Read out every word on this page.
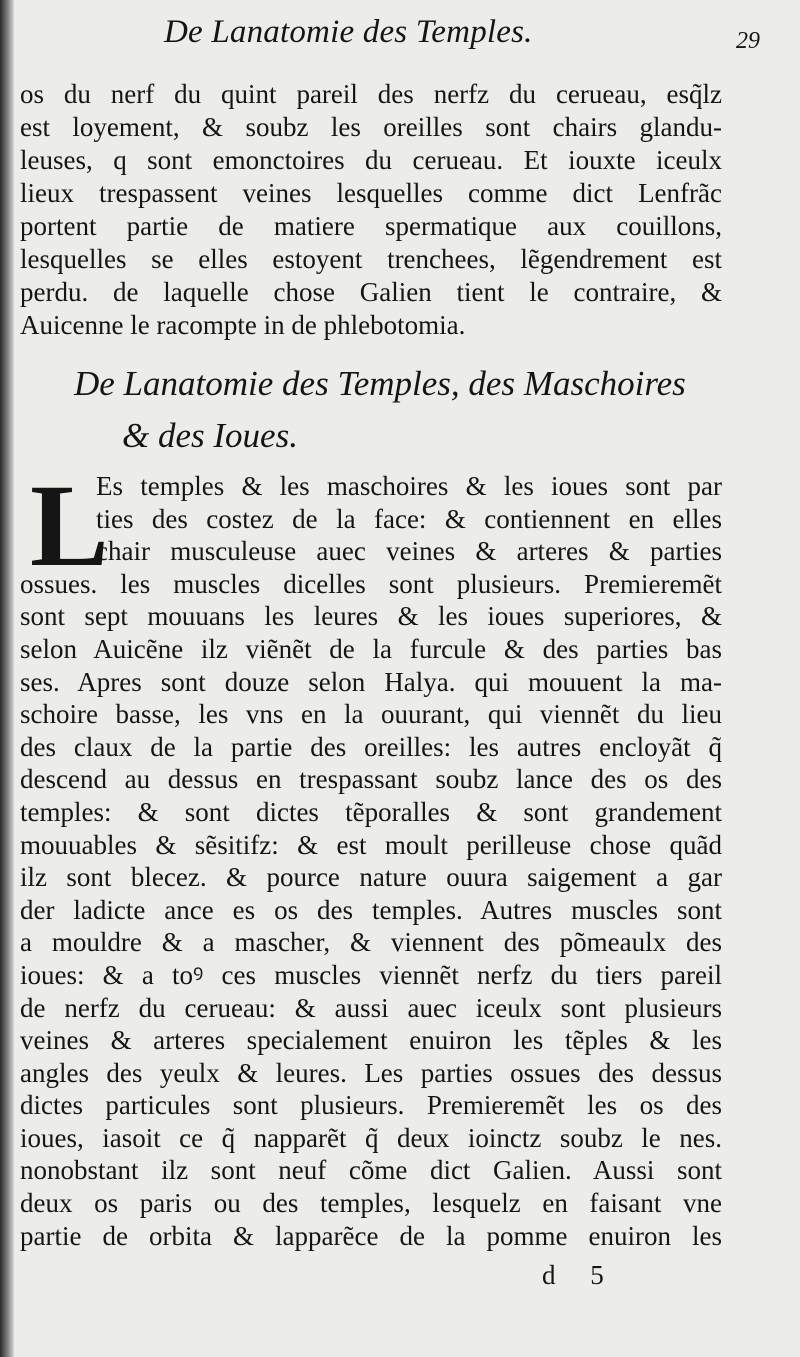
De Lanatomie des Temples.	29
os du nerf du quint pareil des nerfz du cerueau, esq̃lz
est loyement, & soubz les oreilles sont chairs glandu-
leuses, q sont emonctoires du cerueau. Et iouxte iceulx
lieux trespassent veines lesquelles comme dict Lenfrãc
portent partie de matiere spermatique aux couillons,
lesquelles se elles estoyent trenchees, lẽgendrement est
perdu. de laquelle chose Galien tient le contraire, &
Auicenne le racompte in de phlebotomia.
De Lanatomie des Temples, des Maschoires
& des Ioues.
L
Es temples & les maschoires & les ioues sont par
ties des costez de la face: & contiennent en elles
chair musculeuse auec veines & arteres & parties
ossues. les muscles dicelles sont plusieurs. Premieremẽt
sont sept mouuans les leures & les ioues superiores, &
selon Auicẽne ilz viẽnẽt de la furcule & des parties bas
ses. Apres sont douze selon Halya. qui mouuent la ma-
schoire basse, les vns en la ouurant, qui viennẽt du lieu
des claux de la partie des oreilles: les autres encloyãt q̃
descend au dessus en trespassant soubz lance des os des
temples: & sont dictes tẽporalles & sont grandement
mouuables & sẽsitifz: & est moult perilleuse chose quãd
ilz sont blecez. & pource nature ouura saigement a gar
der ladicte ance es os des temples. Autres muscles sont
a mouldre & a mascher, & viennent des põmeaulx des
ioues: & a toꝰ ces muscles viennẽt nerfz du tiers pareil
de nerfz du cerueau: & aussi auec iceulx sont plusieurs
veines & arteres specialement enuiron les tẽples & les
angles des yeulx & leures. Les parties ossues des dessus
dictes particules sont plusieurs. Premieremẽt les os des
ioues, iasoit ce q̃ napparẽt q̃ deux ioinctz soubz le nes.
nonobstant ilz sont neuf cõme dict Galien. Aussi sont
deux os paris ou des temples, lesquelz en faisant vne
partie de orbita & lapparẽce de la pomme enuiron les
d 5
